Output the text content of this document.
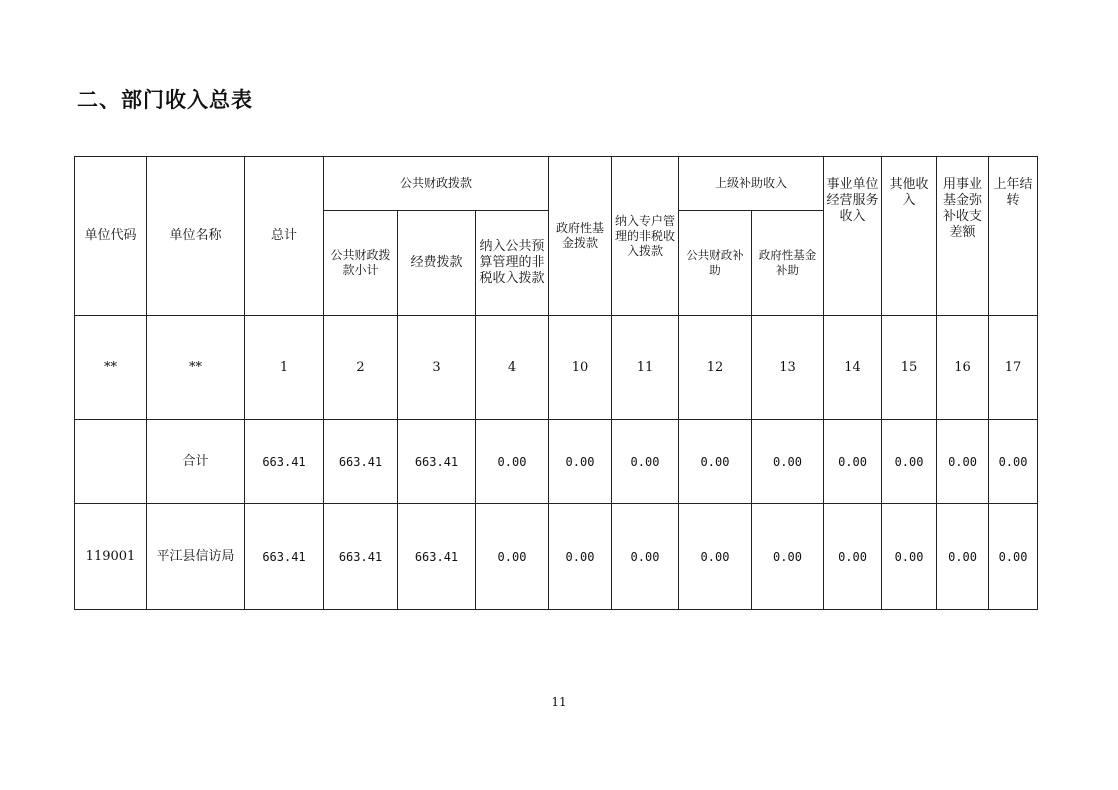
二、部门收入总表
单位代码	单位名称	总计	公共财政拨款			政府性基金拨款	纳入专户管理的非税收入拨款	上级补助收入		事业单位经营服务收入	其他收入	用事业基金弥补收支差额	上年结转
			公共财政拨款小计	经费拨款	纳入公共预算管理的非税收入拨款			公共财政补助	政府性基金补助				
**	**	1	2	3	4	10	11	12	13	14	15	16	17
	合计	663.41	663.41	663.41	0.00	0.00	0.00	0.00	0.00	0.00	0.00	0.00	0.00
119001	平江县信访局	663.41	663.41	663.41	0.00	0.00	0.00	0.00	0.00	0.00	0.00	0.00	0.00
11
